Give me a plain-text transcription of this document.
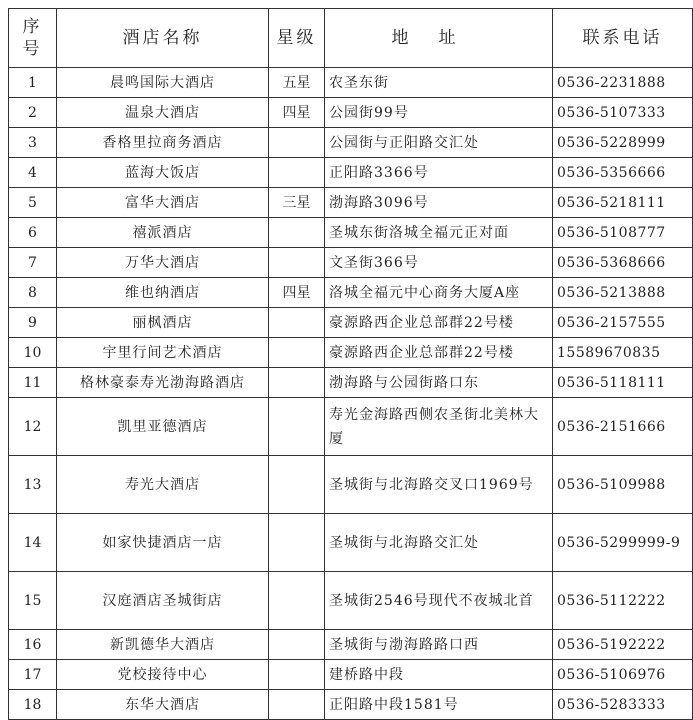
序号	酒店名称	星级	地址	联系电话
1	晨鸣国际大酒店	五星	农圣东街	0536-2231888
2	温泉大酒店	四星	公园街99号	0536-5107333
3	香格里拉商务酒店		公园街与正阳路交汇处	0536-5228999
4	蓝海大饭店		正阳路3366号	0536-5356666
5	富华大酒店	三星	渤海路3096号	0536-5218111
6	禧派酒店		圣城东街洛城全福元正对面	0536-5108777
7	万华大酒店		文圣街366号	0536-5368666
8	维也纳酒店	四星	洛城全福元中心商务大厦A座	0536-5213888
9	丽枫酒店		豪源路西企业总部群22号楼	0536-2157555
10	宇里行间艺术酒店		豪源路西企业总部群22号楼	15589670835
11	格林豪泰寿光渤海路酒店		渤海路与公园街路口东	0536-5118111
12	凯里亚德酒店		寿光金海路西侧农圣街北美林大厦	0536-2151666
13	寿光大酒店		圣城街与北海路交叉口1969号	0536-5109988
14	如家快捷酒店一店		圣城街与北海路交汇处	0536-5299999-9
15	汉庭酒店圣城街店		圣城街2546号现代不夜城北首	0536-5112222
16	新凯德华大酒店		圣城街与渤海路路口西	0536-5192222
17	党校接待中心		建桥路中段	0536-5106976
18	东华大酒店		正阳路中段1581号	0536-5283333
